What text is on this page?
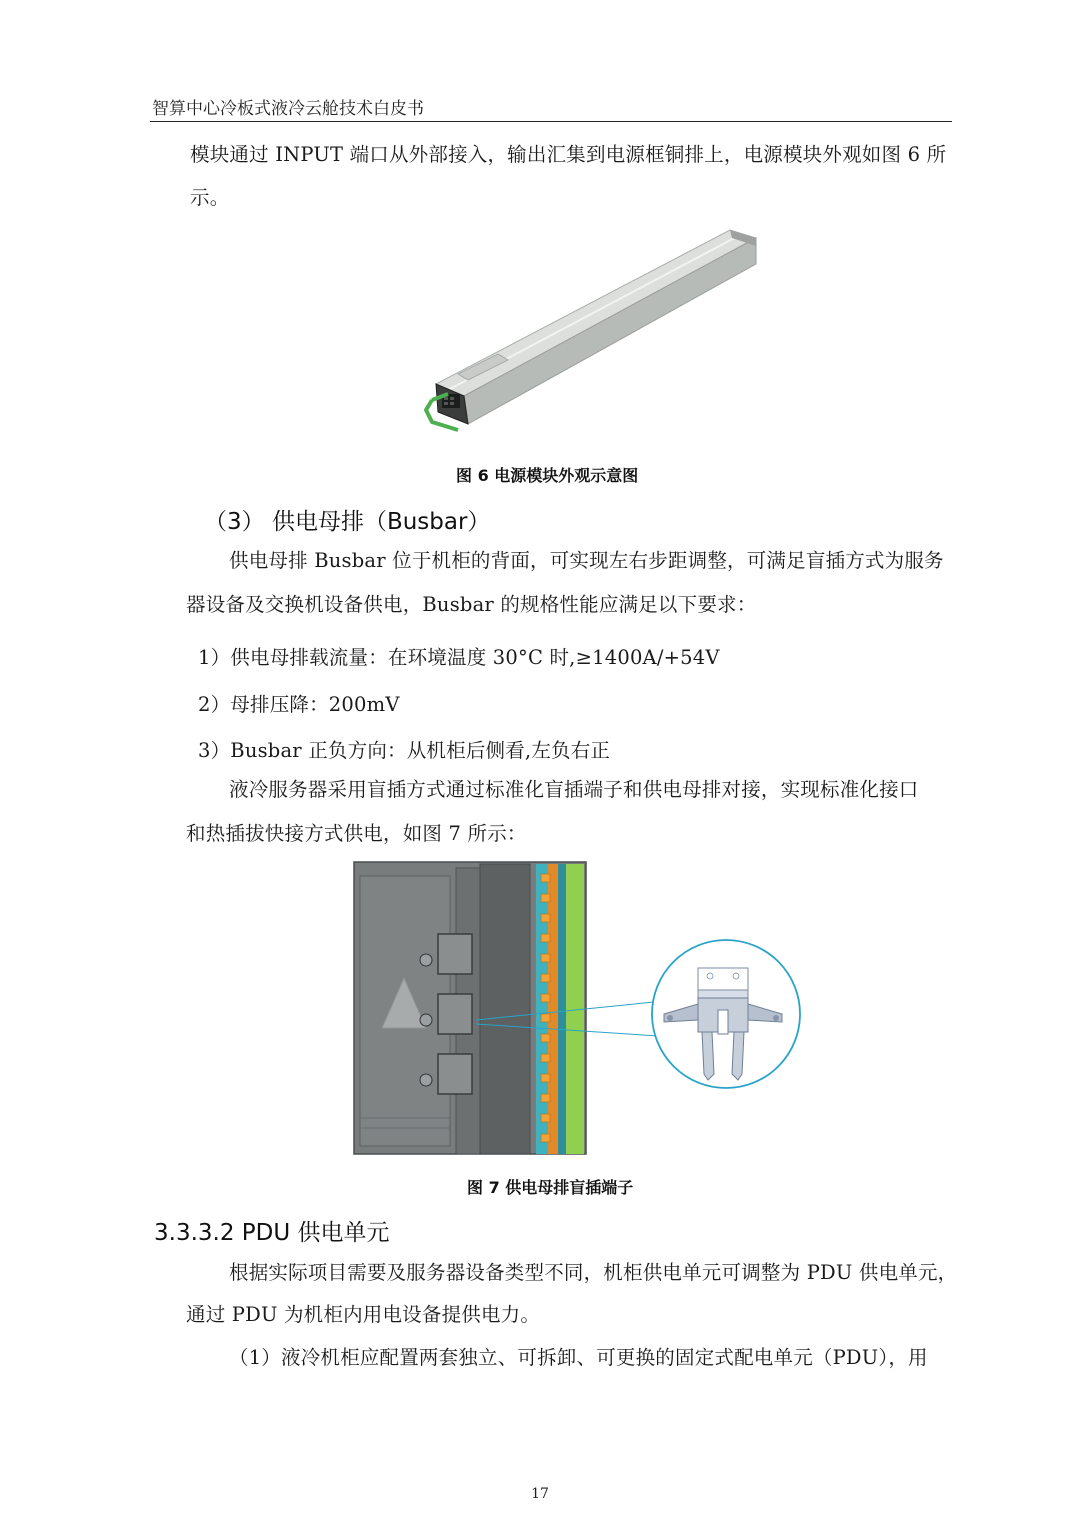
智算中心冷板式液冷云舱技术白皮书
模块通过 INPUT 端口从外部接入，输出汇集到电源框铜排上，电源模块外观如图 6 所
示。
图 6 电源模块外观示意图
（3） 供电母排（Busbar）
供电母排 Busbar 位于机柜的背面，可实现左右步距调整，可满足盲插方式为服务
器设备及交换机设备供电，Busbar 的规格性能应满足以下要求：
1）供电母排载流量：在环境温度 30°C 时,≥1400A/+54V
2）母排压降：200mV
3）Busbar 正负方向：从机柜后侧看,左负右正
液冷服务器采用盲插方式通过标准化盲插端子和供电母排对接，实现标准化接口
和热插拔快接方式供电，如图 7 所示：
图 7 供电母排盲插端子
3.3.3.2 PDU 供电单元
根据实际项目需要及服务器设备类型不同，机柜供电单元可调整为 PDU 供电单元，
通过 PDU 为机柜内用电设备提供电力。
（1）液冷机柜应配置两套独立、可拆卸、可更换的固定式配电单元（PDU），用
17
